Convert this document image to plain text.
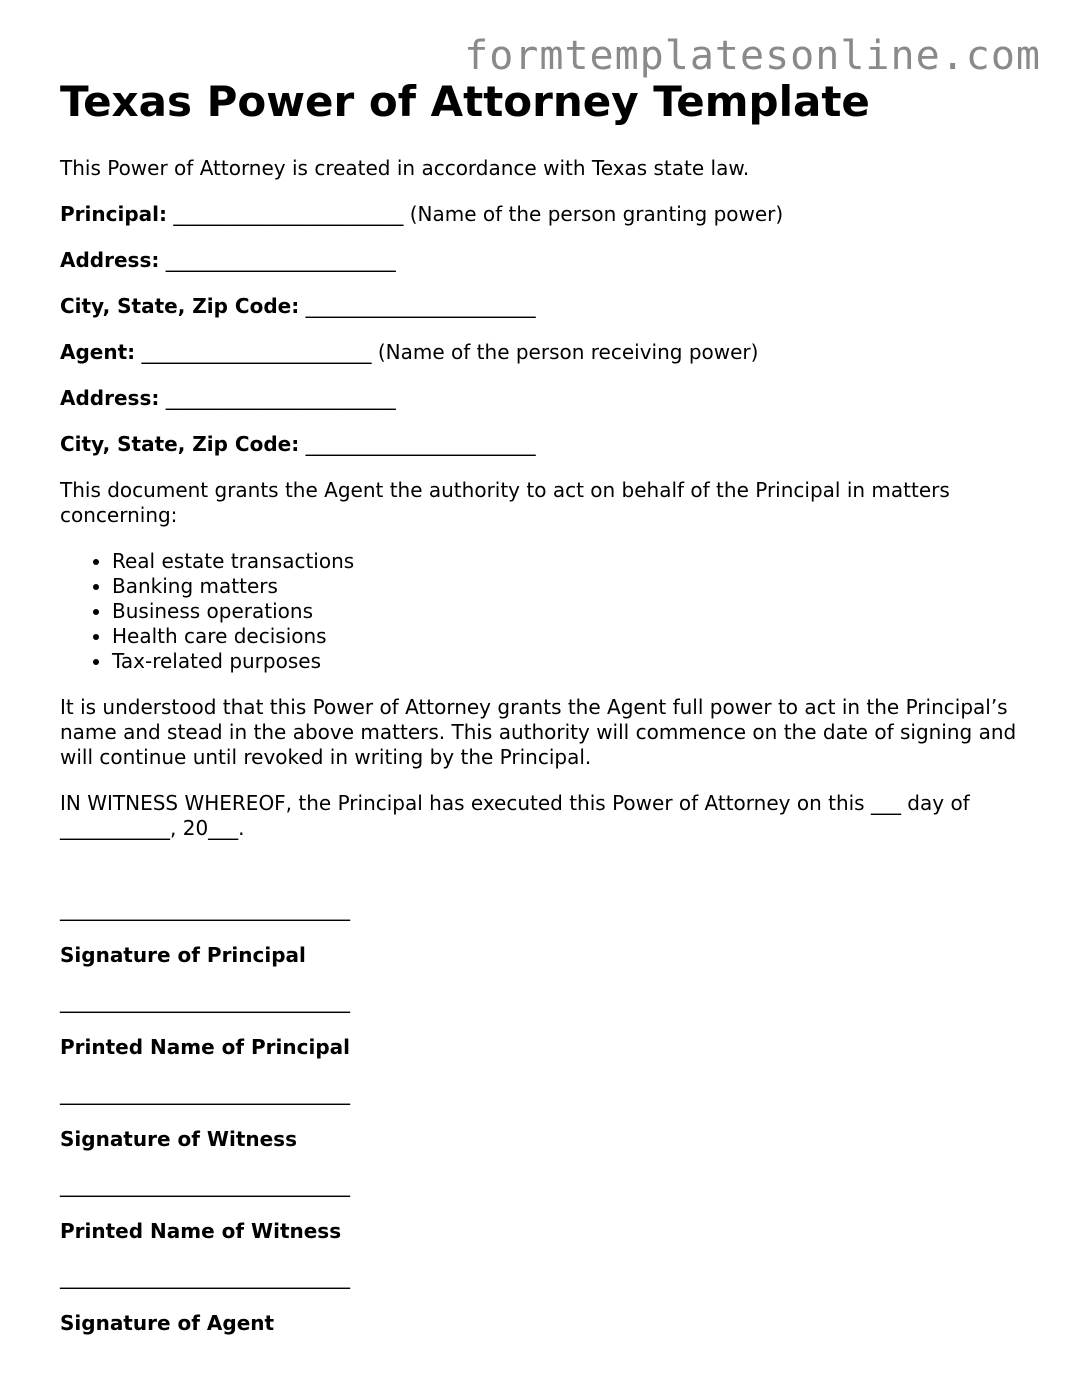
formtemplatesonline.com
Texas Power of Attorney Template

This Power of Attorney is created in accordance with Texas state law.

Principal: _______________________ (Name of the person granting power)

Address: _______________________

City, State, Zip Code: _______________________

Agent: _______________________ (Name of the person receiving power)

Address: _______________________

City, State, Zip Code: _______________________

This document grants the Agent the authority to act on behalf of the Principal in matters concerning:

• Real estate transactions
• Banking matters
• Business operations
• Health care decisions
• Tax-related purposes

It is understood that this Power of Attorney grants the Agent full power to act in the Principal’s name and stead in the above matters. This authority will commence on the date of signing and will continue until revoked in writing by the Principal.

IN WITNESS WHEREOF, the Principal has executed this Power of Attorney on this ___ day of
___________, 20___.

_____________________________
Signature of Principal
_____________________________
Printed Name of Principal
_____________________________
Signature of Witness
_____________________________
Printed Name of Witness
_____________________________
Signature of Agent
